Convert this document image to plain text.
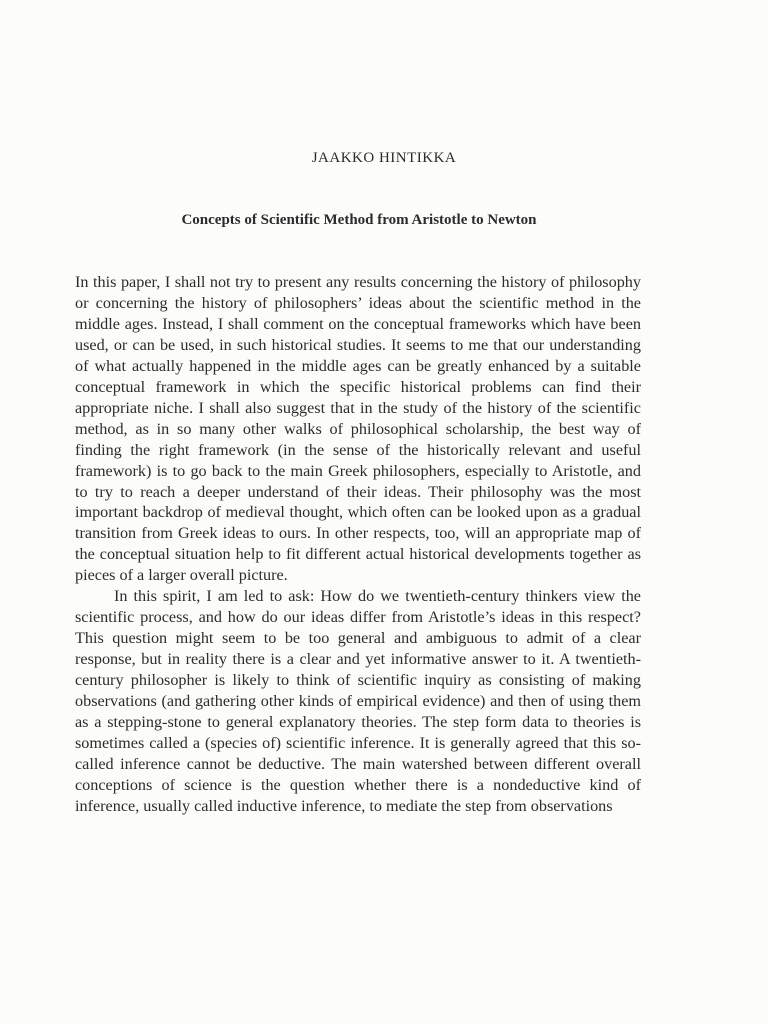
JAAKKO HINTIKKA
Concepts of Scientific Method from Aristotle to Newton

In this paper, I shall not try to present any results concerning the history of philosophy or concerning the history of philosophers’ ideas about the scientific method in the middle ages. Instead, I shall comment on the conceptual frameworks which have been used, or can be used, in such historical studies. It seems to me that our understanding of what actually happened in the middle ages can be greatly enhanced by a suitable conceptual framework in which the specific historical problems can find their appropriate niche. I shall also suggest that in the study of the history of the scientific method, as in so many other walks of philosophical scholarship, the best way of finding the right framework (in the sense of the historically relevant and useful framework) is to go back to the main Greek philosophers, especially to Aristotle, and to try to reach a deeper understand of their ideas. Their philosophy was the most important backdrop of medieval thought, which often can be looked upon as a gradual transition from Greek ideas to ours. In other respects, too, will an appropriate map of the conceptual situation help to fit different actual historical developments together as pieces of a larger overall picture.

In this spirit, I am led to ask: How do we twentieth-century thinkers view the scientific process, and how do our ideas differ from Aristotle’s ideas in this respect? This question might seem to be too general and ambiguous to admit of a clear response, but in reality there is a clear and yet informative answer to it. A twentieth-century philosopher is likely to think of scientific inquiry as consisting of making observations (and gathering other kinds of empirical evidence) and then of using them as a stepping-stone to general explanatory theories. The step form data to theories is sometimes called a (species of) scientific inference. It is generally agreed that this so-called inference cannot be deductive. The main watershed between different overall conceptions of science is the question whether there is a nondeductive kind of inference, usually called inductive inference, to mediate the step from observations
